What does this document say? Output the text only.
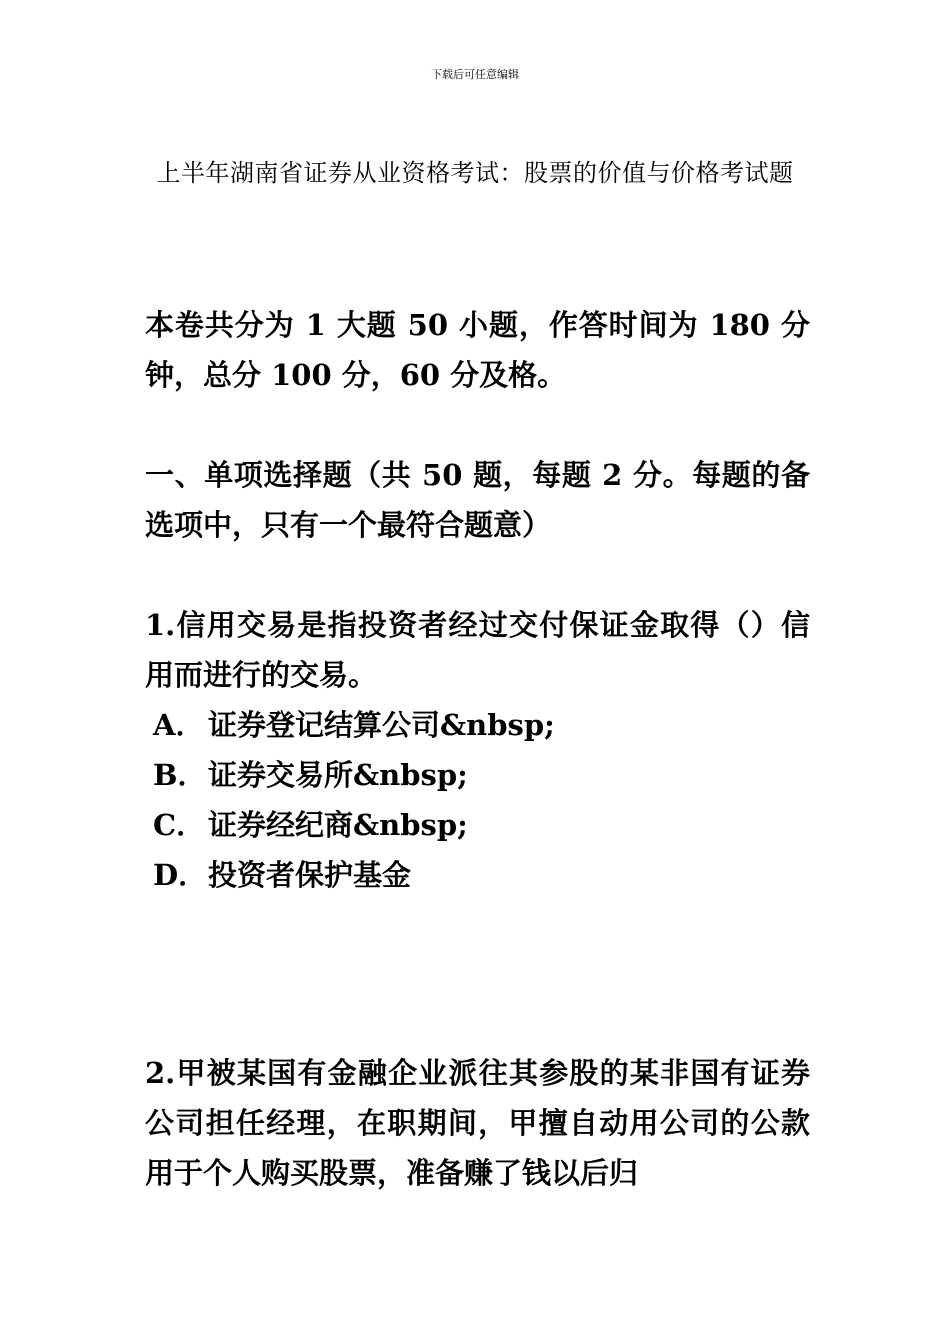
下载后可任意编辑
上半年湖南省证券从业资格考试：股票的价值与价格考试题

本卷共分为 1 大题 50 小题，作答时间为 180 分钟，总分 100 分，60 分及格。

一、单项选择题（共 50 题，每题 2 分。每题的备选项中，只有一个最符合题意）

1.信用交易是指投资者经过交付保证金取得（）信用而进行的交易。

A． 证券登记结算公司&nbsp;
B．证券交易所&nbsp;
C． 证券经纪商&nbsp;
D．投资者保护基金

2.甲被某国有金融企业派往其参股的某非国有证券公司担任经理，在职期间，甲擅自动用公司的公款用于个人购买股票，准备赚了钱以后归
